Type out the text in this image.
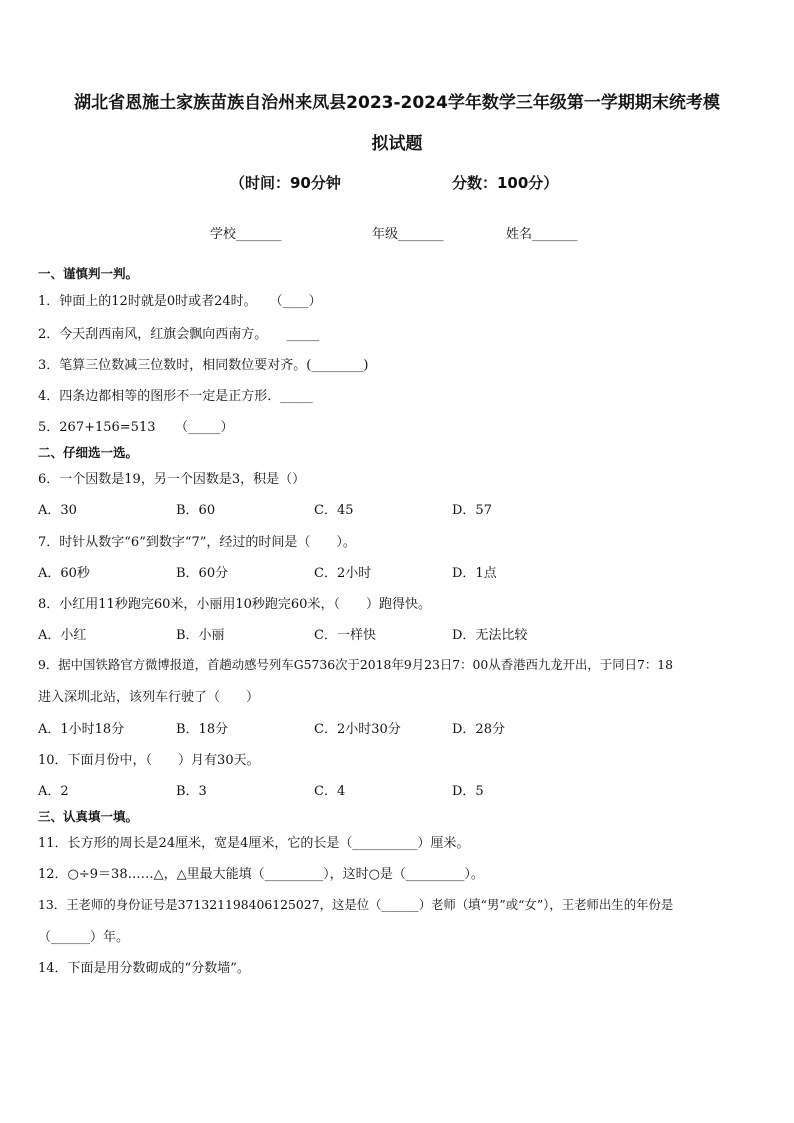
湖北省恩施土家族苗族自治州来凤县2023-2024学年数学三年级第一学期期末统考模
拟试题
（时间：90分钟	分数：100分）
学校_______	年级_______	姓名_______
一、谨慎判一判。
1．钟面上的12时就是0时或者24时。　　（____）
2．今天刮西南风，红旗会飘向西南方。　　_____
3．笔算三位数减三位数时，相同数位要对齐。(________)
4．四条边都相等的图形不一定是正方形．_____
5．267+156=513　　（_____）
二、仔细选一选。
6．一个因数是19，另一个因数是3，积是（）
A．30	B．60	C．45	D．57
7．时针从数字“6”到数字“7”，经过的时间是（　　）。
A．60秒	B．60分	C．2小时	D．1点
8．小红用11秒跑完60米，小丽用10秒跑完60米，（　　）跑得快。
A．小红	B．小丽	C．一样快	D．无法比较
9．据中国铁路官方微博报道，首趟动感号列车G5736次于2018年9月23日7：00从香港西九龙开出，于同日7：18
进入深圳北站，该列车行驶了（　　）
A．1小时18分	B．18分	C．2小时30分	D．28分
10．下面月份中，（　　）月有30天。
A．2	B．3	C．4	D．5
三、认真填一填。
11．长方形的周长是24厘米，宽是4厘米，它的长是（__________）厘米。
12．○÷9＝38……△，△里最大能填（_________），这时○是（_________）。
13．王老师的身份证号是371321198406125027，这是位（______）老师（填“男”或“女”），王老师出生的年份是
（______）年。
14．下面是用分数砌成的“分数墙”。
